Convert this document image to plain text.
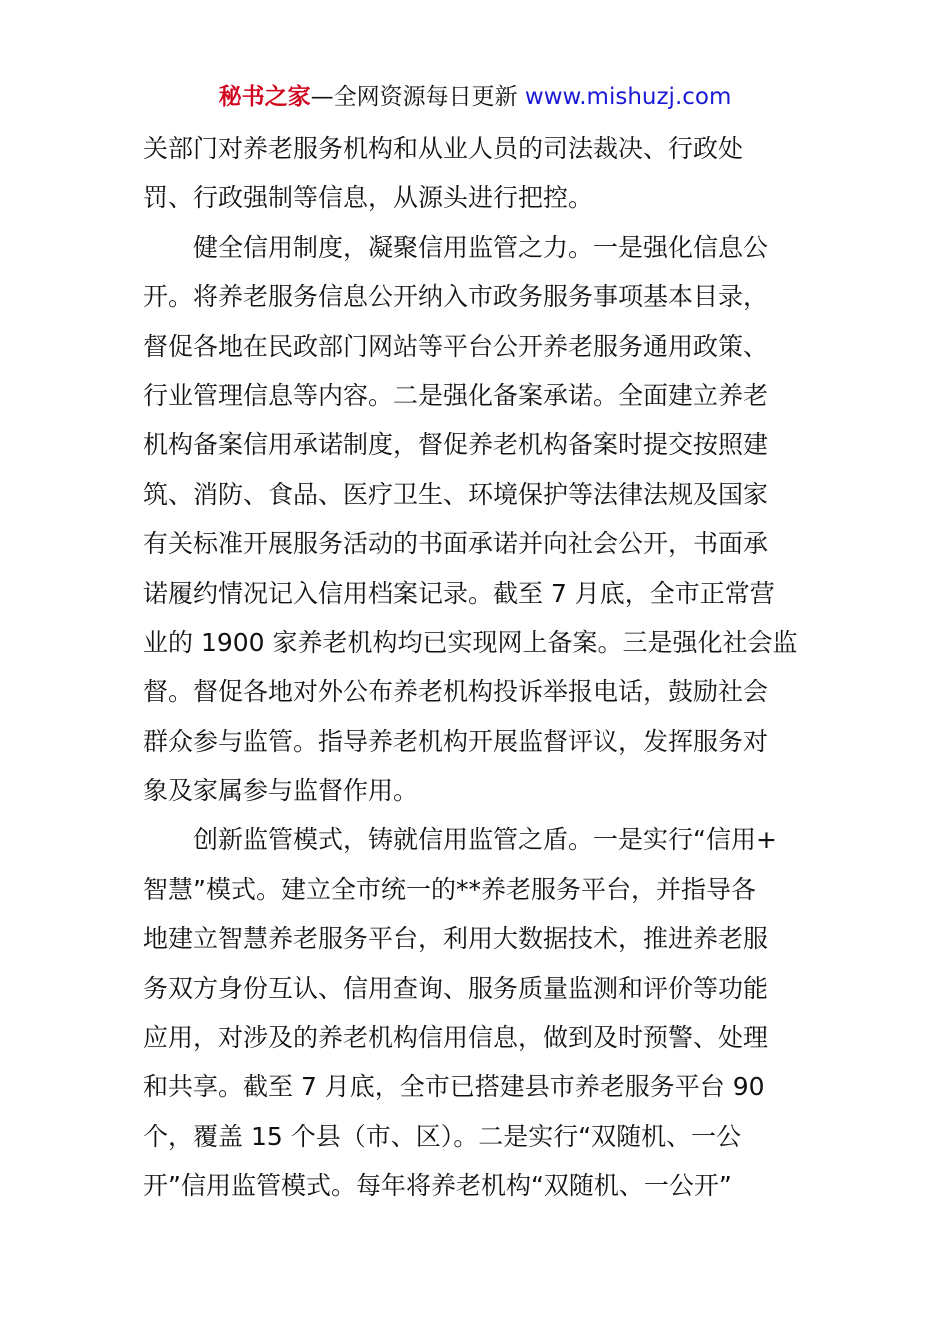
秘书之家—全网资源每日更新 www.mishuzj.com
关部门对养老服务机构和从业人员的司法裁决、行政处
罚、行政强制等信息，从源头进行把控。
健全信用制度，凝聚信用监管之力。一是强化信息公
开。将养老服务信息公开纳入市政务服务事项基本目录，
督促各地在民政部门网站等平台公开养老服务通用政策、
行业管理信息等内容。二是强化备案承诺。全面建立养老
机构备案信用承诺制度，督促养老机构备案时提交按照建
筑、消防、食品、医疗卫生、环境保护等法律法规及国家
有关标准开展服务活动的书面承诺并向社会公开，书面承
诺履约情况记入信用档案记录。截至 7 月底，全市正常营
业的 1900 家养老机构均已实现网上备案。三是强化社会监
督。督促各地对外公布养老机构投诉举报电话，鼓励社会
群众参与监管。指导养老机构开展监督评议，发挥服务对
象及家属参与监督作用。
创新监管模式，铸就信用监管之盾。一是实行“信用+
智慧”模式。建立全市统一的**养老服务平台，并指导各
地建立智慧养老服务平台，利用大数据技术，推进养老服
务双方身份互认、信用查询、服务质量监测和评价等功能
应用，对涉及的养老机构信用信息，做到及时预警、处理
和共享。截至 7 月底，全市已搭建县市养老服务平台 90
个，覆盖 15 个县（市、区）。二是实行“双随机、一公
开”信用监管模式。每年将养老机构“双随机、一公开”
